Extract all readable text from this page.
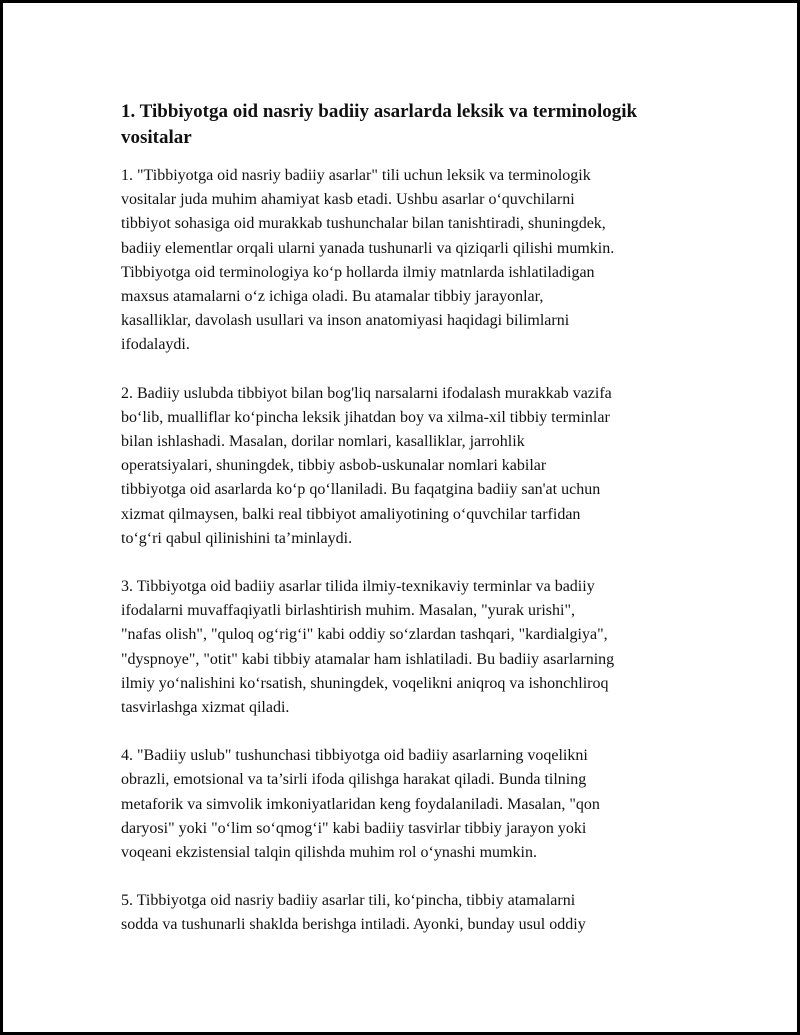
1. Tibbiyotga oid nasriy badiiy asarlarda leksik va terminologik vositalar

1. "Tibbiyotga oid nasriy badiiy asarlar" tili uchun leksik va terminologik
vositalar juda muhim ahamiyat kasb etadi. Ushbu asarlar o‘quvchilarni
tibbiyot sohasiga oid murakkab tushunchalar bilan tanishtiradi, shuningdek,
badiiy elementlar orqali ularni yanada tushunarli va qiziqarli qilishi mumkin.
Tibbiyotga oid terminologiya ko‘p hollarda ilmiy matnlarda ishlatiladigan
maxsus atamalarni o‘z ichiga oladi. Bu atamalar tibbiy jarayonlar,
kasalliklar, davolash usullari va inson anatomiyasi haqidagi bilimlarni
ifodalaydi.

2. Badiiy uslubda tibbiyot bilan bog'liq narsalarni ifodalash murakkab vazifa
bo‘lib, mualliflar ko‘pincha leksik jihatdan boy va xilma-xil tibbiy terminlar
bilan ishlashadi. Masalan, dorilar nomlari, kasalliklar, jarrohlik
operatsiyalari, shuningdek, tibbiy asbob-uskunalar nomlari kabilar
tibbiyotga oid asarlarda ko‘p qo‘llaniladi. Bu faqatgina badiiy san'at uchun
xizmat qilmaysen, balki real tibbiyot amaliyotining o‘quvchilar tarfidan
to‘g‘ri qabul qilinishini ta’minlaydi.

3. Tibbiyotga oid badiiy asarlar tilida ilmiy-texnikaviy terminlar va badiiy
ifodalarni muvaffaqiyatli birlashtirish muhim. Masalan, "yurak urishi",
"nafas olish", "quloq og‘rig‘i" kabi oddiy so‘zlardan tashqari, "kardialgiya",
"dyspnoye", "otit" kabi tibbiy atamalar ham ishlatiladi. Bu badiiy asarlarning
ilmiy yo‘nalishini ko‘rsatish, shuningdek, voqelikni aniqroq va ishonchliroq
tasvirlashga xizmat qiladi.

4. "Badiiy uslub" tushunchasi tibbiyotga oid badiiy asarlarning voqelikni
obrazli, emotsional va ta’sirli ifoda qilishga harakat qiladi. Bunda tilning
metaforik va simvolik imkoniyatlaridan keng foydalaniladi. Masalan, "qon
daryosi" yoki "o‘lim so‘qmog‘i" kabi badiiy tasvirlar tibbiy jarayon yoki
voqeani ekzistensial talqin qilishda muhim rol o‘ynashi mumkin.

5. Tibbiyotga oid nasriy badiiy asarlar tili, ko‘pincha, tibbiy atamalarni
sodda va tushunarli shaklda berishga intiladi. Ayonki, bunday usul oddiy
